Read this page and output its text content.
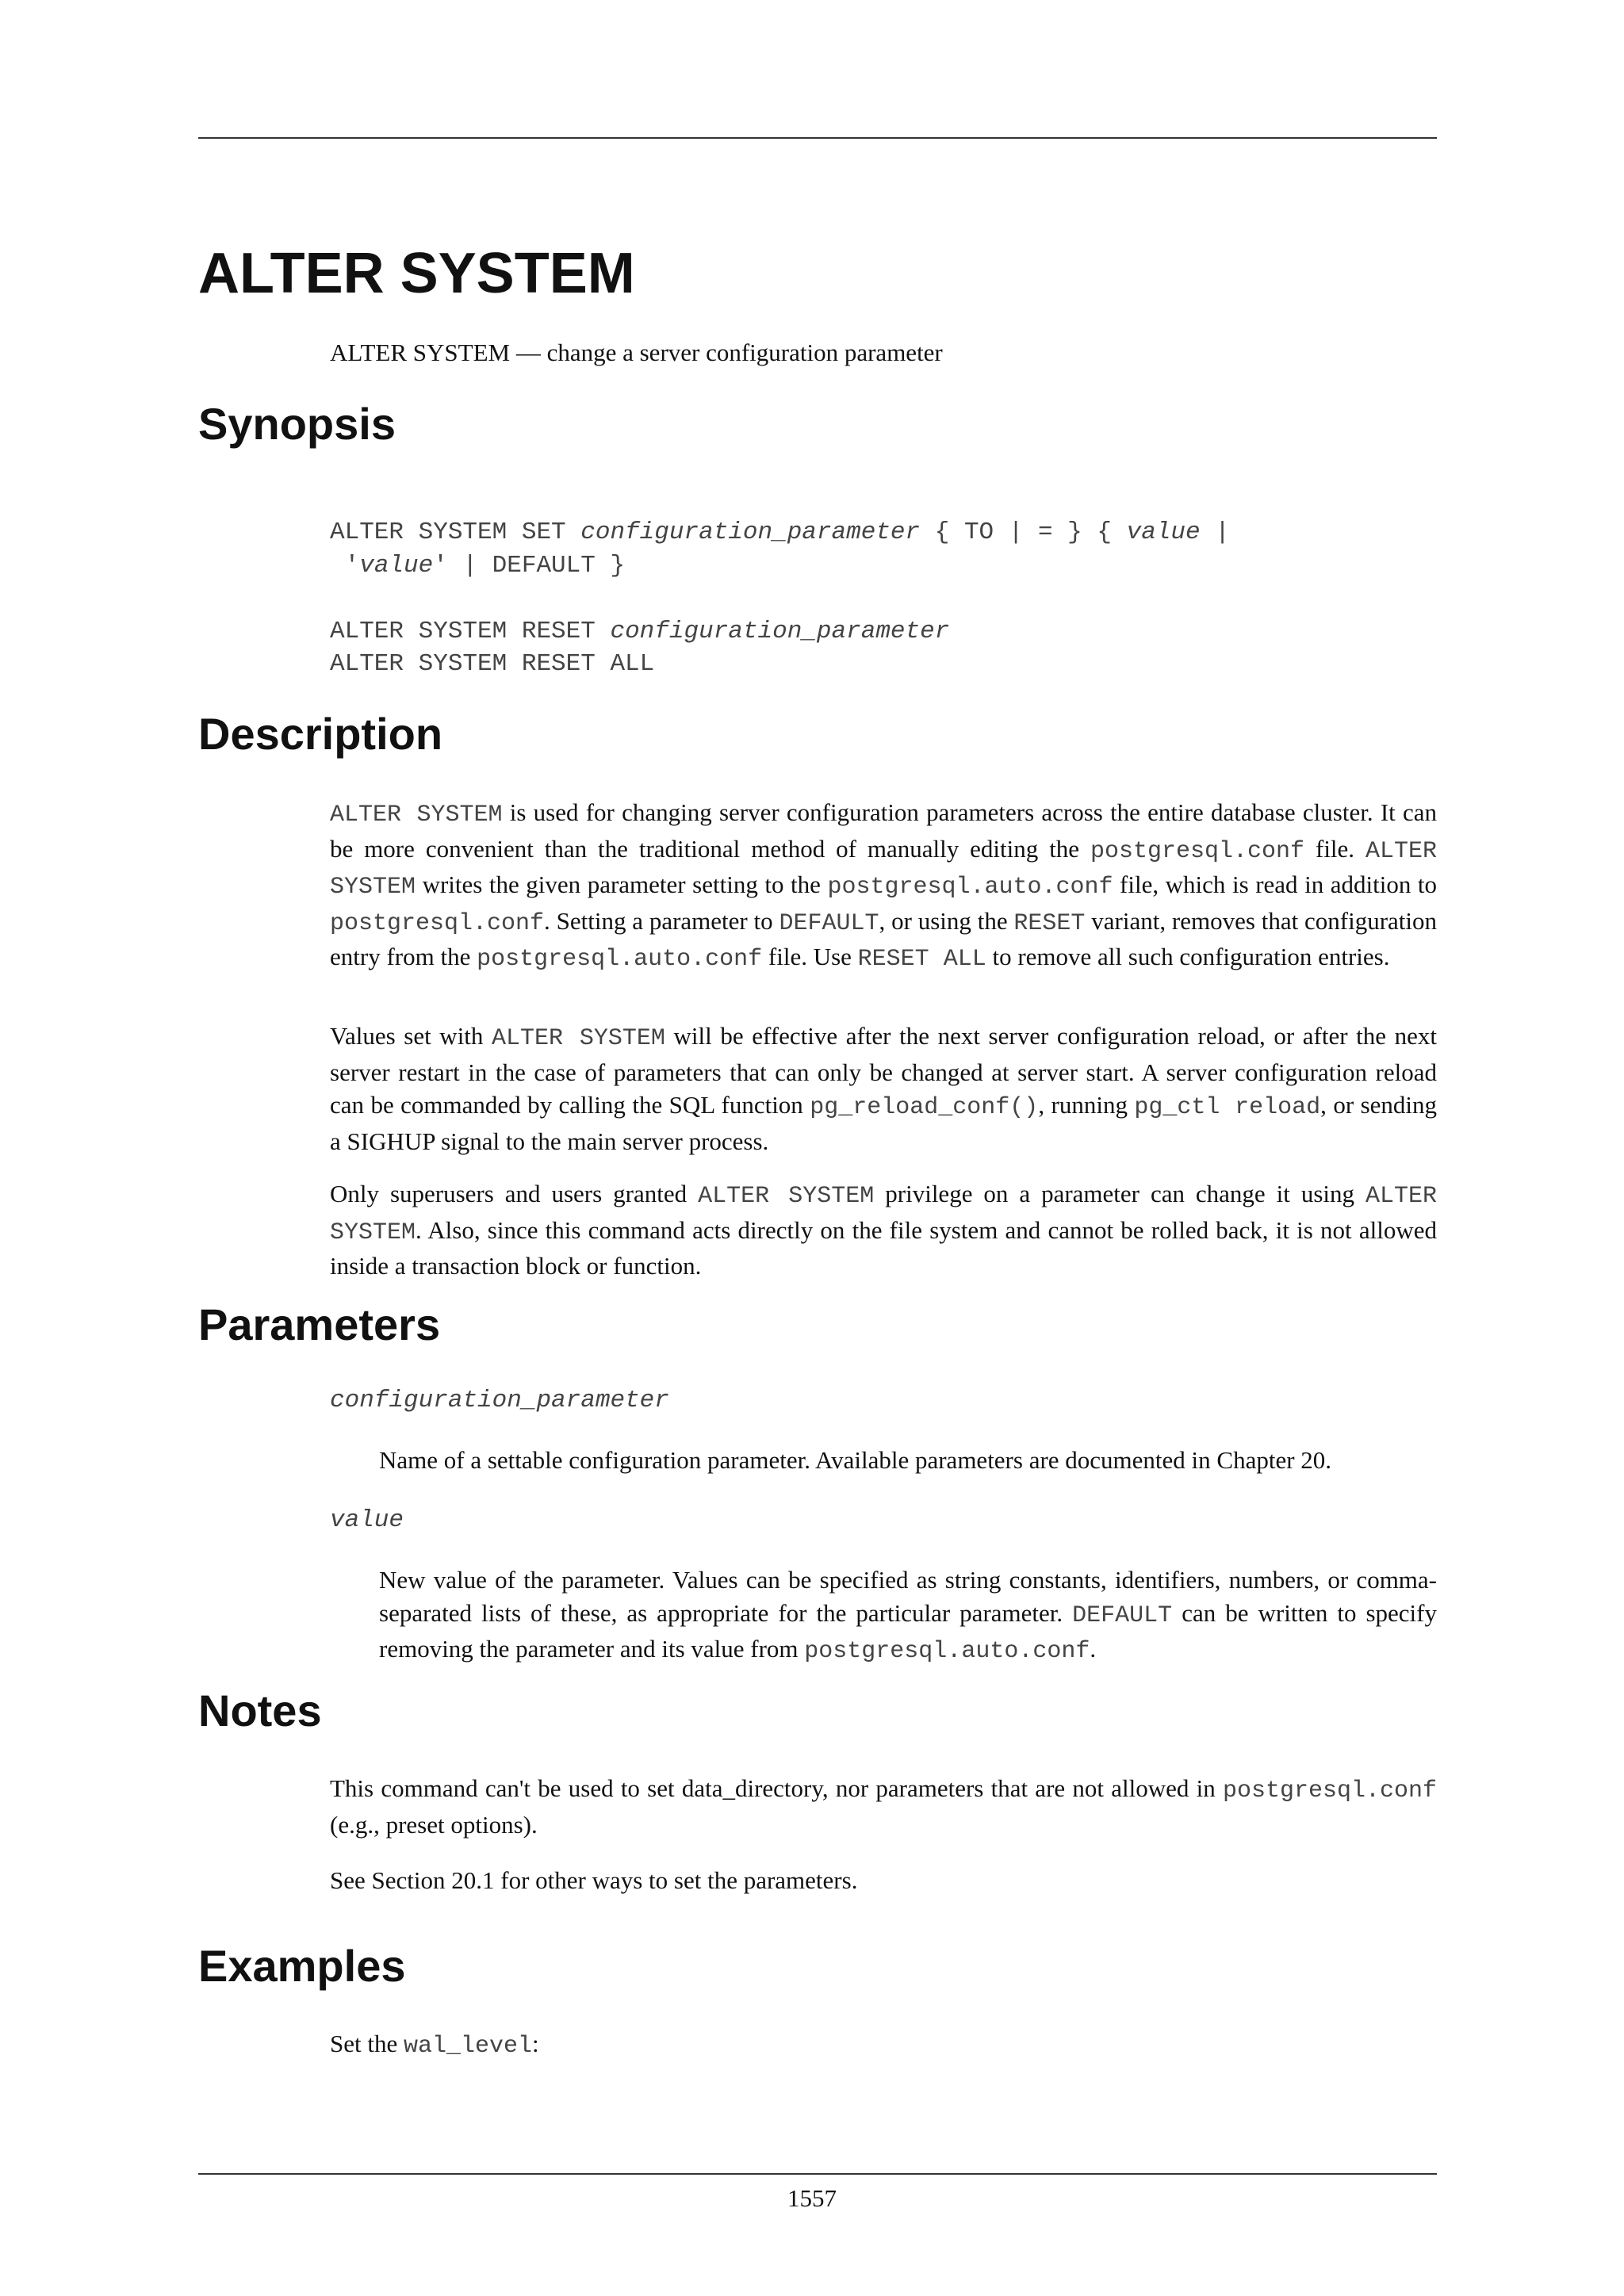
ALTER SYSTEM

ALTER SYSTEM — change a server configuration parameter

Synopsis
ALTER SYSTEM SET configuration_parameter { TO | = } { value |
'value' | DEFAULT }

ALTER SYSTEM RESET configuration_parameter
ALTER SYSTEM RESET ALL
Description

ALTER SYSTEM is used for changing server configuration parameters across the entire database cluster. It can be more convenient than the traditional method of manually editing the postgresql.conf file. ALTER SYSTEM writes the given parameter setting to the postgresql.auto.conf file, which is read in addition to postgresql.conf. Setting a parameter to DEFAULT, or using the RESET variant, removes that configuration entry from the postgresql.auto.conf file. Use RESET ALL to remove all such configuration entries.

Values set with ALTER SYSTEM will be effective after the next server configuration reload, or after the next server restart in the case of parameters that can only be changed at server start. A server configuration reload can be commanded by calling the SQL function pg_reload_conf(), running pg_ctl reload, or sending a SIGHUP signal to the main server process.

Only superusers and users granted ALTER SYSTEM privilege on a parameter can change it using ALTER SYSTEM. Also, since this command acts directly on the file system and cannot be rolled back, it is not allowed inside a transaction block or function.

Parameters

configuration_parameter

Name of a settable configuration parameter. Available parameters are documented in Chapter 20.

value

New value of the parameter. Values can be specified as string constants, identifiers, numbers, or comma-separated lists of these, as appropriate for the particular parameter. DEFAULT can be written to specify removing the parameter and its value from postgresql.auto.conf.

Notes

This command can't be used to set data_directory, nor parameters that are not allowed in postgresql.conf (e.g., preset options).

See Section 20.1 for other ways to set the parameters.

Examples

Set the wal_level:

1557
